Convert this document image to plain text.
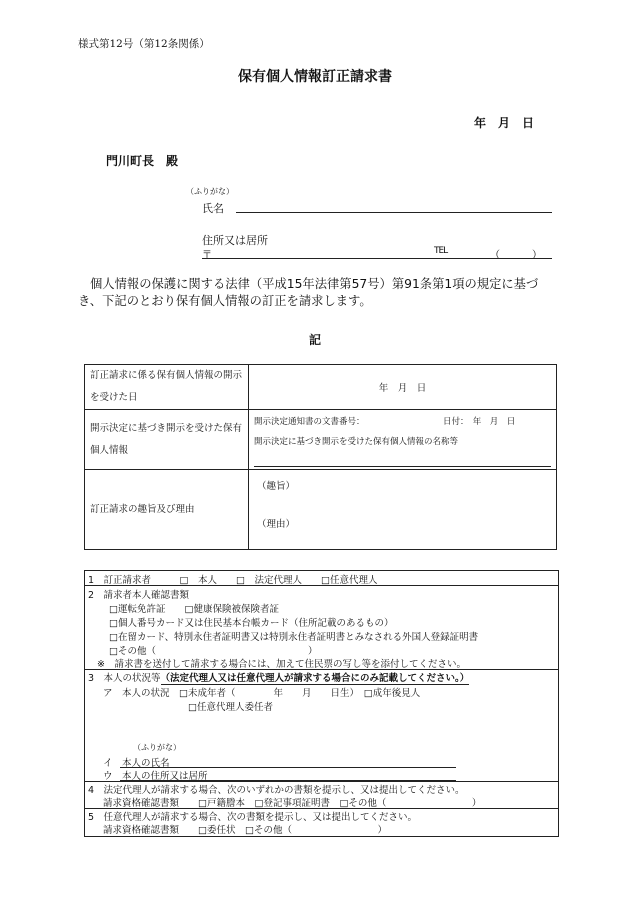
様式第12号（第12条関係）
保有個人情報訂正請求書
年　月　日
門川町長　殿
（ふりがな）
氏名
住所又は居所
〒	TEL	（	）
個人情報の保護に関する法律（平成15年法律第57号）第91条第1項の規定に基づき、下記のとおり保有個人情報の訂正を請求します。
記
訂正請求に係る保有個人情報の開示を受けた日	年　月　日
開示決定に基づき開示を受けた保有個人情報	開示決定通知書の文書番号： 日付：　年　月　日
開示決定に基づき開示を受けた保有個人情報の名称等

訂正請求の趣旨及び理由	（趣旨）
（理由）
1　訂正請求者　　　□　本人　　□　法定代理人　　□任意代理人
2　請求者本人確認書類
□運転免許証　　□健康保険被保険者証
□個人番号カード又は住民基本台帳カード（住所記載のあるもの）
□在留カード、特別永住者証明書又は特別永住者証明書とみなされる外国人登録証明書
□その他（　　　　　　　　　　　　　　　　）
※　請求書を送付して請求する場合には、加えて住民票の写し等を添付してください。
3　本人の状況等（法定代理人又は任意代理人が請求する場合にのみ記載してください。）
ア　本人の状況　□未成年者（　　　　年　　月　　日生）　□成年後見人
□任意代理人委任者
（ふりがな）
イ　本人の氏名
ウ　本人の住所又は居所
4　法定代理人が請求する場合、次のいずれかの書類を提示し、又は提出してください。
請求資格確認書類　　□戸籍謄本　□登記事項証明書　□その他（　　　　　　　　　）
5　任意代理人が請求する場合、次の書類を提示し、又は提出してください。
請求資格確認書類　　□委任状　□その他（　　　　　　　　　）
